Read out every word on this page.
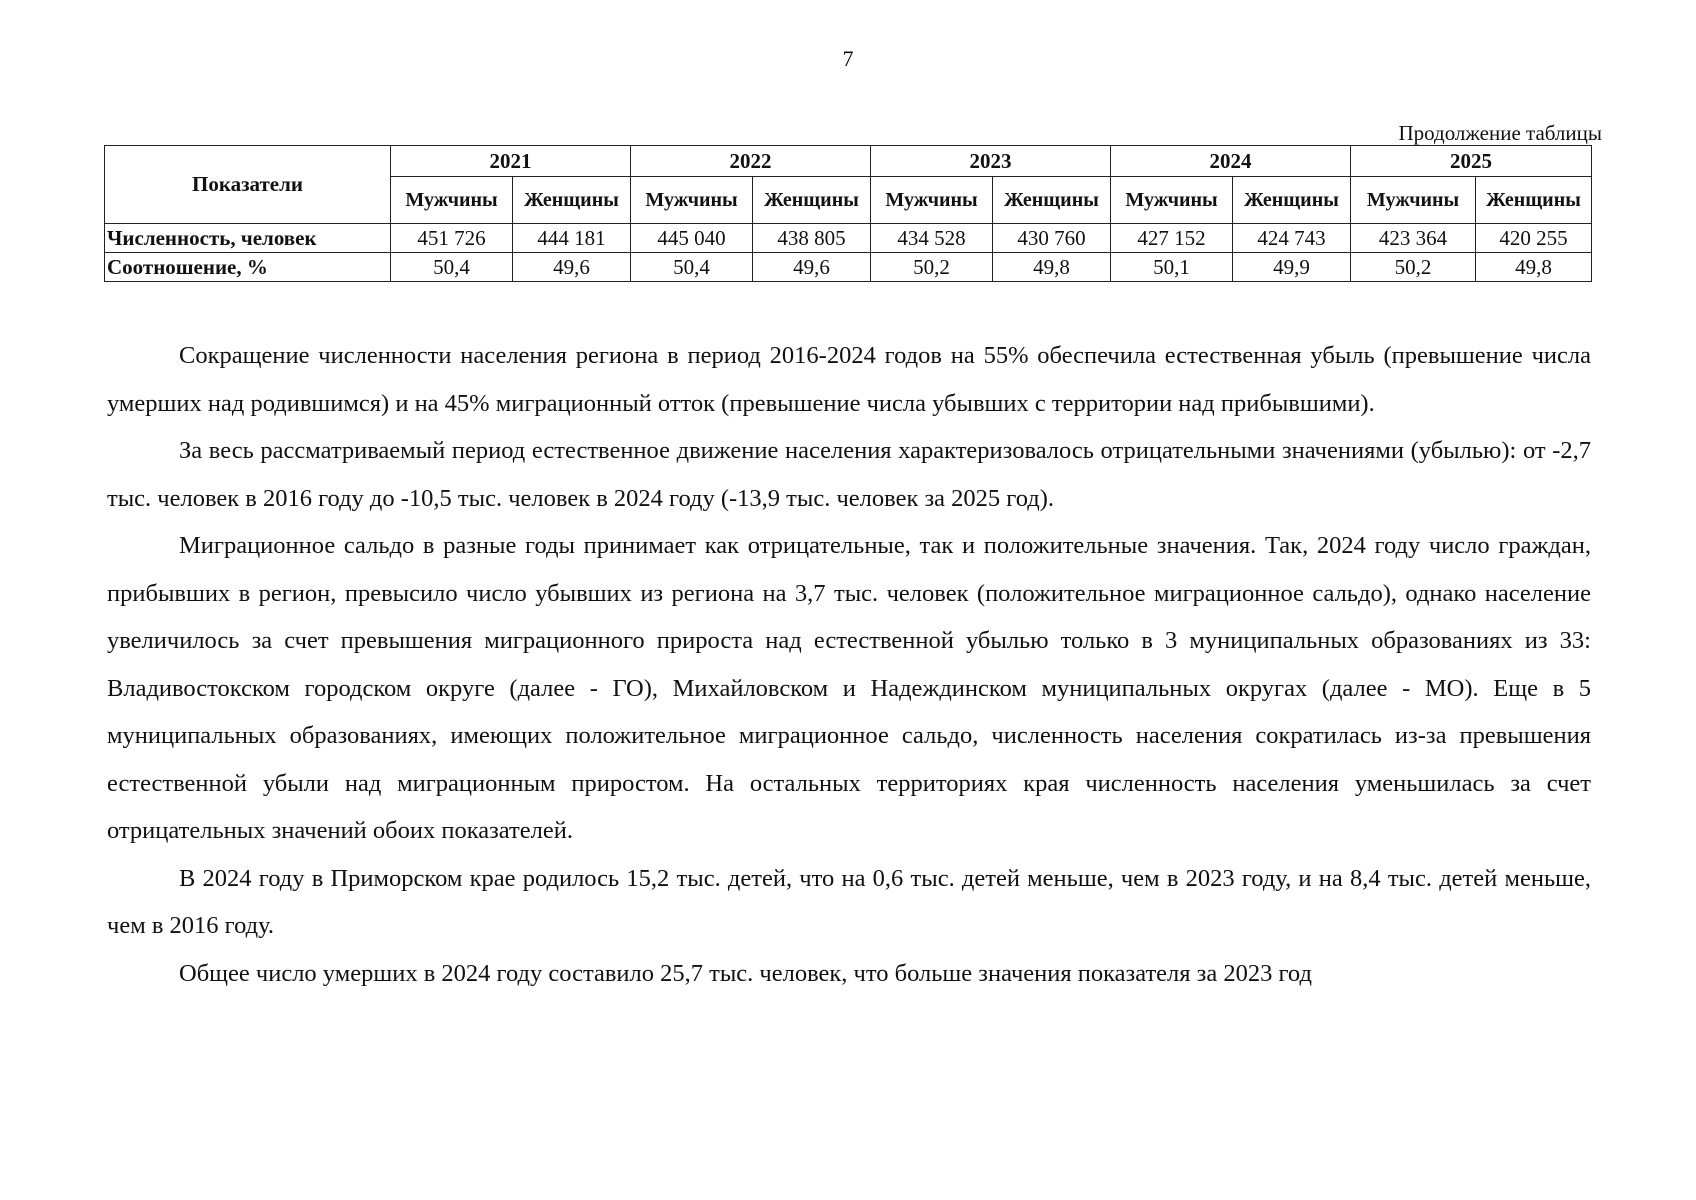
7
Продолжение таблицы
Показатели	2021		2022		2023		2024		2025	
	Мужчины	Женщины	Мужчины	Женщины	Мужчины	Женщины	Мужчины	Женщины	Мужчины	Женщины
Численность, человек	451 726	444 181	445 040	438 805	434 528	430 760	427 152	424 743	423 364	420 255
Соотношение, %	50,4	49,6	50,4	49,6	50,2	49,8	50,1	49,9	50,2	49,8

Сокращение численности населения региона в период 2016-2024 годов на 55% обеспечила естественная убыль (превышение числа умерших над родившимся) и на 45% миграционный отток (превышение числа убывших с территории над прибывшими).

За весь рассматриваемый период естественное движение населения характеризовалось отрицательными значениями (убылью): от -2,7 тыс. человек в 2016 году до -10,5 тыс. человек в 2024 году (-13,9 тыс. человек за 2025 год).

Миграционное сальдо в разные годы принимает как отрицательные, так и положительные значения. Так, 2024 году число граждан, прибывших в регион, превысило число убывших из региона на 3,7 тыс. человек (положительное миграционное сальдо), однако население увеличилось за счет превышения миграционного прироста над естественной убылью только в 3 муниципальных образованиях из 33: Владивостокском городском округе (далее - ГО), Михайловском и Надеждинском муниципальных округах (далее - МО). Еще в 5 муниципальных образованиях, имеющих положительное миграционное сальдо, численность населения сократилась из-за превышения естественной убыли над миграционным приростом. На остальных территориях края численность населения уменьшилась за счет отрицательных значений обоих показателей.

В 2024 году в Приморском крае родилось 15,2 тыс. детей, что на 0,6 тыс. детей меньше, чем в 2023 году, и на 8,4 тыс. детей меньше, чем в 2016 году.

Общее число умерших в 2024 году составило 25,7 тыс. человек, что больше значения показателя за 2023 год
